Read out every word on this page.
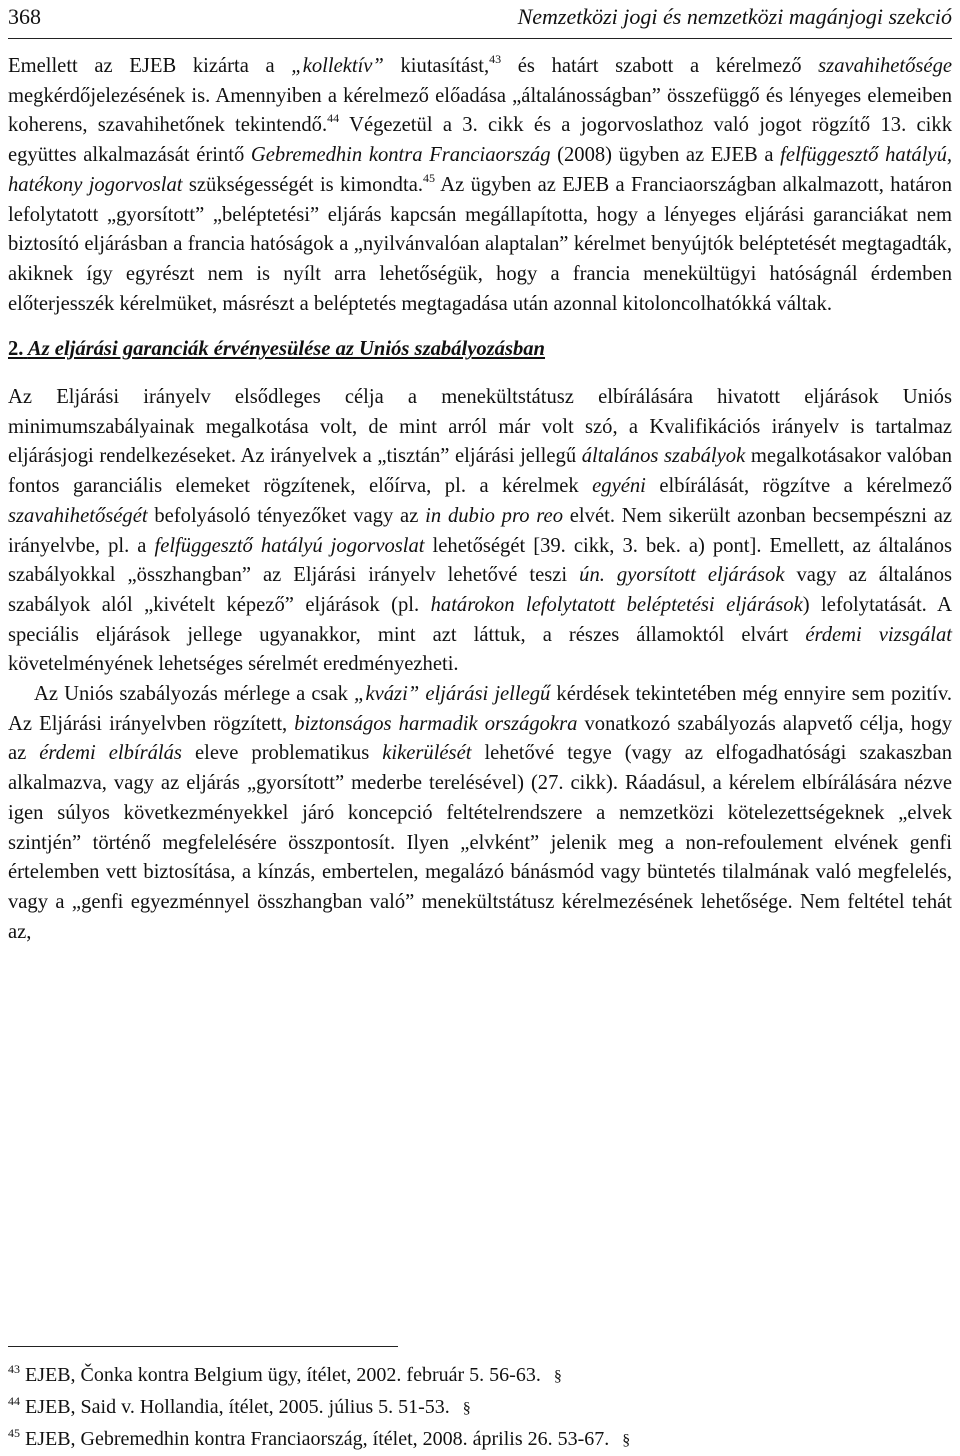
368	Nemzetközi jogi és nemzetközi magánjogi szekció

Emellett az EJEB kizárta a „kollektív” kiutasítást,$^{43}$ és határt szabott a kérelmező szavahihetősége megkérdőjelezésének is. Amennyiben a kérelmező előadása „általánosságban” összefüggő és lényeges elemeiben koherens, szavahihetőnek tekintendő.$^{44}$ Végezetül a 3. cikk és a jogorvoslathoz való jogot rögzítő 13. cikk együttes alkalmazását érintő Gebremedhin kontra Franciaország (2008) ügyben az EJEB a felfüggesztő hatályú, hatékony jogorvoslat szükségességét is kimondta.$^{45}$ Az ügyben az EJEB a Franciaországban alkalmazott, határon lefolytatott „gyorsított” „beléptetési” eljárás kapcsán megállapította, hogy a lényeges eljárási garanciákat nem biztosító eljárásban a francia hatóságok a „nyilvánvalóan alaptalan” kérelmet benyújtók beléptetését megtagadták, akiknek így egyrészt nem is nyílt arra lehetőségük, hogy a francia menekültügyi hatóságnál érdemben előterjesszék kérelmüket, másrészt a beléptetés megtagadása után azonnal kitoloncolhatókká váltak.

2. Az eljárási garanciák érvényesülése az Uniós szabályozásban

Az Eljárási irányelv elsődleges célja a menekültstátusz elbírálására hivatott eljárások Uniós minimumszabályainak megalkotása volt, de mint arról már volt szó, a Kvalifikációs irányelv is tartalmaz eljárásjogi rendelkezéseket. Az irányelvek a „tisztán” eljárási jellegű általános szabályok megalkotásakor valóban fontos garanciális elemeket rögzítenek, előírva, pl. a kérelmek egyéni elbírálását, rögzítve a kérelmező szavahihetőségét befolyásoló tényezőket vagy az in dubio pro reo elvét. Nem sikerült azonban becsempészni az irányelvbe, pl. a felfüggesztő hatályú jogorvoslat lehetőségét [39. cikk, 3. bek. a) pont]. Emellett, az általános szabályokkal „összhangban” az Eljárási irányelv lehetővé teszi ún. gyorsított eljárások vagy az általános szabályok alól „kivételt képező” eljárások (pl. határokon lefolytatott beléptetési eljárások) lefolytatását. A speciális eljárások jellege ugyanakkor, mint azt láttuk, a részes államoktól elvárt érdemi vizsgálat követelményének lehetséges sérelmét eredményezheti.

Az Uniós szabályozás mérlege a csak „kvázi” eljárási jellegű kérdések tekintetében még ennyire sem pozitív. Az Eljárási irányelvben rögzített, biztonságos harmadik országokra vonatkozó szabályozás alapvető célja, hogy az érdemi elbírálás eleve problematikus kikerülését lehetővé tegye (vagy az elfogadhatósági szakaszban alkalmazva, vagy az eljárás „gyorsított” mederbe terelésével) (27. cikk). Ráadásul, a kérelem elbírálására nézve igen súlyos következményekkel járó koncepció feltételrendszere a nemzetközi kötelezettségeknek „elvek szintjén” történő megfelelésére összpontosít. Ilyen „elvként” jelenik meg a non-refoulement elvének genfi értelemben vett biztosítása, a kínzás, embertelen, megalázó bánásmód vagy büntetés tilalmának való megfelelés, vagy a „genfi egyezménnyel összhangban való” menekültstátusz kérelmezésének lehetősége. Nem feltétel tehát az,

$^{43}$ EJEB, Čonka kontra Belgium ügy, ítélet, 2002. február 5. 56-63. §
$^{44}$ EJEB, Said v. Hollandia, ítélet, 2005. július 5. 51-53. §
$^{45}$ EJEB, Gebremedhin kontra Franciaország, ítélet, 2008. április 26. 53-67. §
